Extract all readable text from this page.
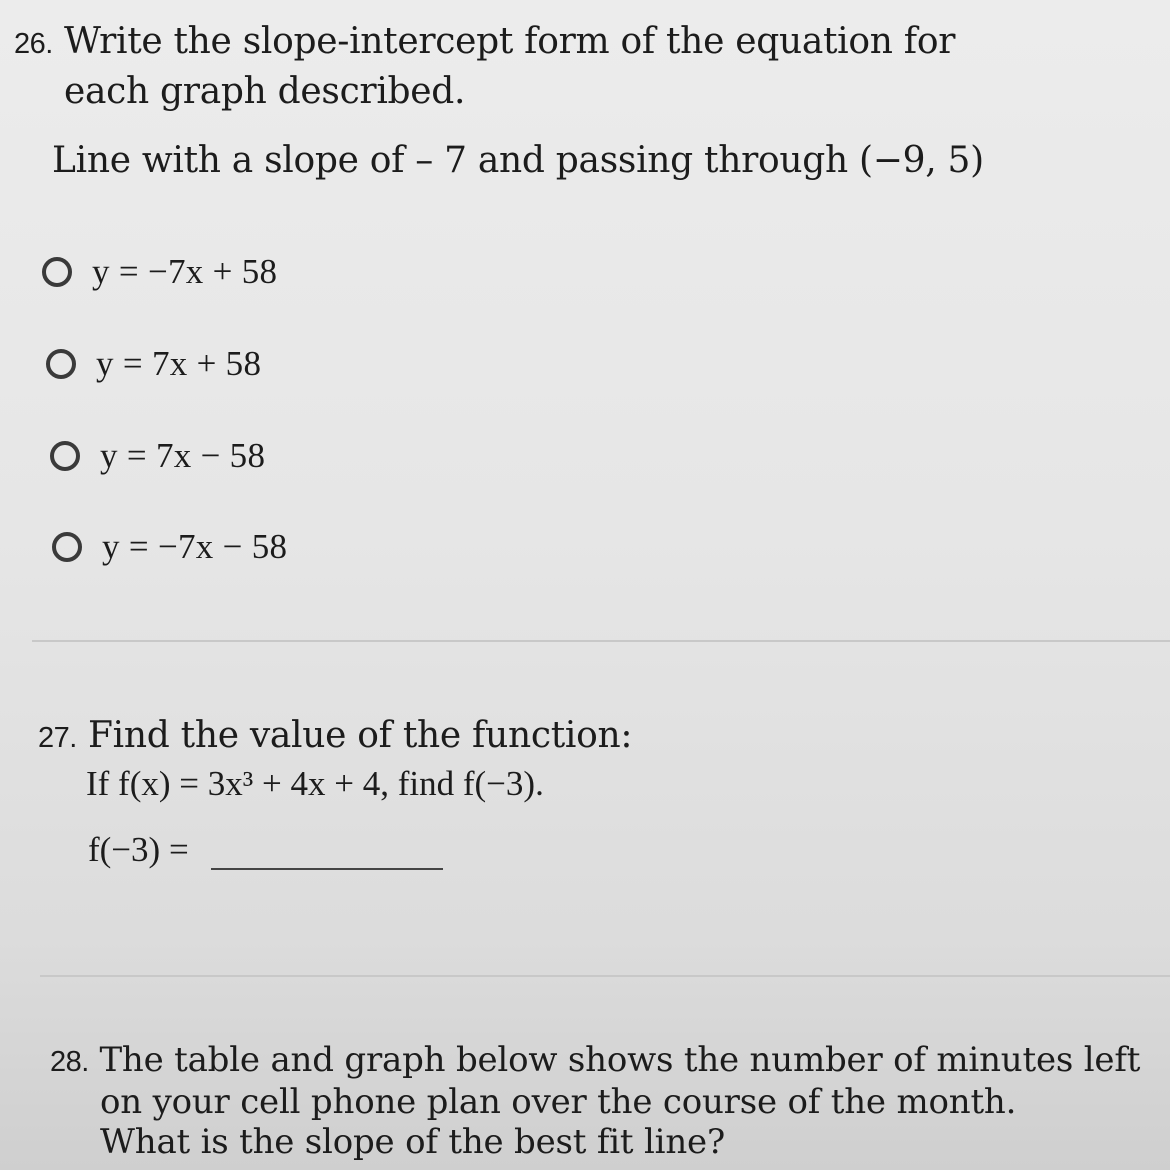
26. Write the slope-intercept form of the equation for
each graph described.
Line with a slope of – 7 and passing through (−9, 5)
y = −7x + 58
y = 7x + 58
y = 7x − 58
y = −7x − 58
27. Find the value of the function:
If f(x) = 3x³ + 4x + 4, find f(−3).
f(−3) =
28. The table and graph below shows the number of minutes left
on your cell phone plan over the course of the month.
What is the slope of the best fit line?
